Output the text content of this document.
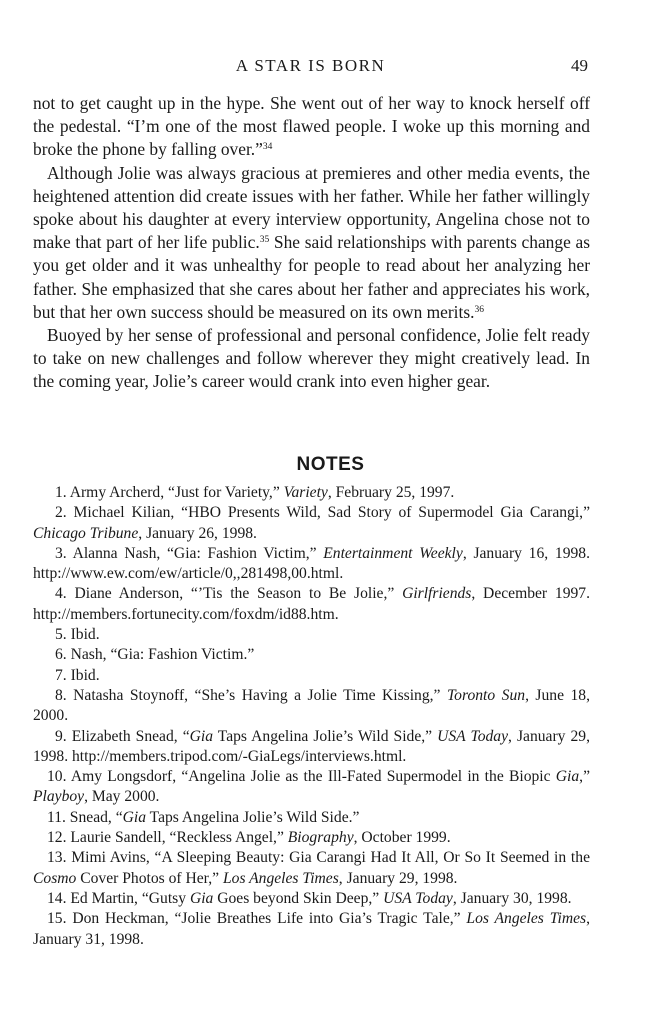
A STAR IS BORN	49

not to get caught up in the hype. She went out of her way to knock herself off the pedestal. “I’m one of the most flawed people. I woke up this morning and broke the phone by falling over.”$^{34}$

Although Jolie was always gracious at premieres and other media events, the heightened attention did create issues with her father. While her father willingly spoke about his daughter at every interview opportunity, Angelina chose not to make that part of her life public.$^{35}$ She said relationships with parents change as you get older and it was unhealthy for people to read about her analyzing her father. She emphasized that she cares about her father and appreciates his work, but that her own success should be measured on its own merits.$^{36}$

Buoyed by her sense of professional and personal confidence, Jolie felt ready to take on new challenges and follow wherever they might creatively lead. In the coming year, Jolie’s career would crank into even higher gear.

NOTES
1. Army Archerd, “Just for Variety,” Variety, February 25, 1997.
2. Michael Kilian, “HBO Presents Wild, Sad Story of Supermodel Gia Carangi,” Chicago Tribune, January 26, 1998.
3. Alanna Nash, “Gia: Fashion Victim,” Entertainment Weekly, January 16, 1998. http://www.ew.com/ew/article/0,,281498,00.html.
4. Diane Anderson, “’Tis the Season to Be Jolie,” Girlfriends, December 1997. http://members.fortunecity.com/foxdm/id88.htm.
5. Ibid.
6. Nash, “Gia: Fashion Victim.”
7. Ibid.
8. Natasha Stoynoff, “She’s Having a Jolie Time Kissing,” Toronto Sun, June 18, 2000.
9. Elizabeth Snead, “Gia Taps Angelina Jolie’s Wild Side,” USA Today, January 29, 1998. http://members.tripod.com/-GiaLegs/interviews.html.
10. Amy Longsdorf, “Angelina Jolie as the Ill-Fated Supermodel in the Biopic Gia,” Playboy, May 2000.
11. Snead, “Gia Taps Angelina Jolie’s Wild Side.”
12. Laurie Sandell, “Reckless Angel,” Biography, October 1999.
13. Mimi Avins, “A Sleeping Beauty: Gia Carangi Had It All, Or So It Seemed in the Cosmo Cover Photos of Her,” Los Angeles Times, January 29, 1998.
14. Ed Martin, “Gutsy Gia Goes beyond Skin Deep,” USA Today, January 30, 1998.
15. Don Heckman, “Jolie Breathes Life into Gia’s Tragic Tale,” Los Angeles Times, January 31, 1998.
